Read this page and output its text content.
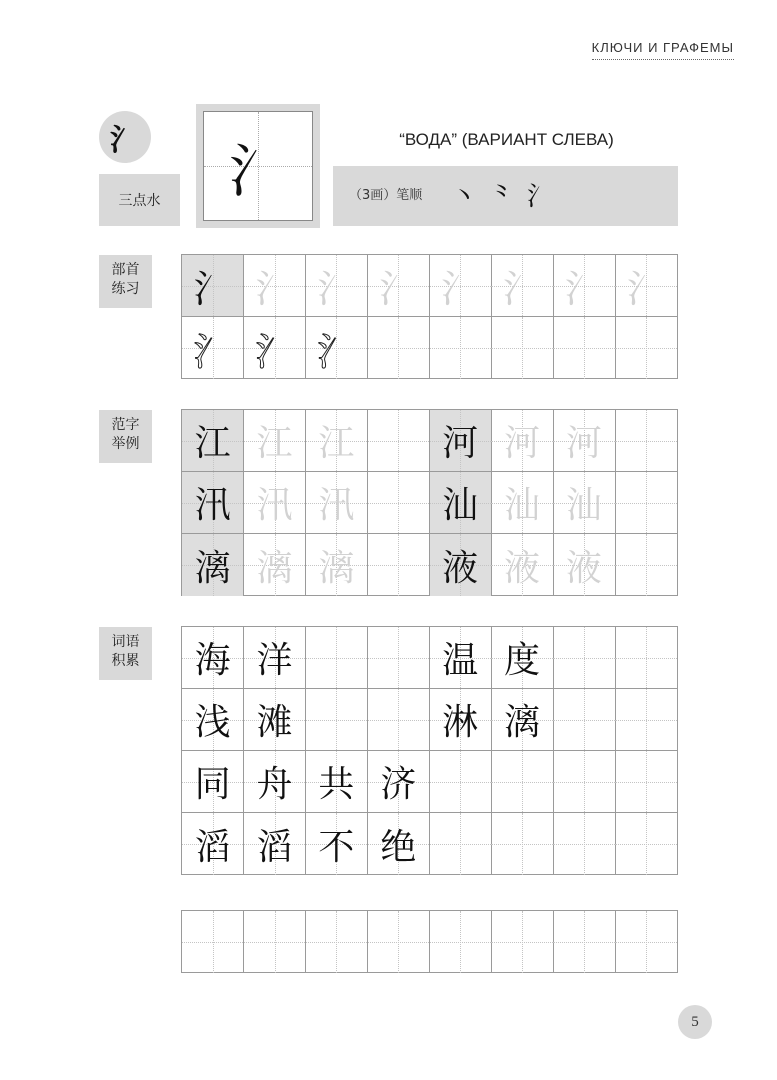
КЛЮЧИ И ГРАФЕМЫ
氵
三点水	氵	“ВОДА” (ВАРИАНТ СЛЕВА)
（3画）笔顺 丶 ⺀ 氵
部首
练习
范字
举例
词语
积累
氵 氵 氵 氵 氵 氵 氵 氵
氵 氵 氵
江 江 江	河 河 河
汛 汛 汛	汕 汕 汕
漓 漓 漓	液 液 液
海 洋	温 度
浅 滩	淋 漓
同 舟 共 济
滔 滔 不 绝
5
